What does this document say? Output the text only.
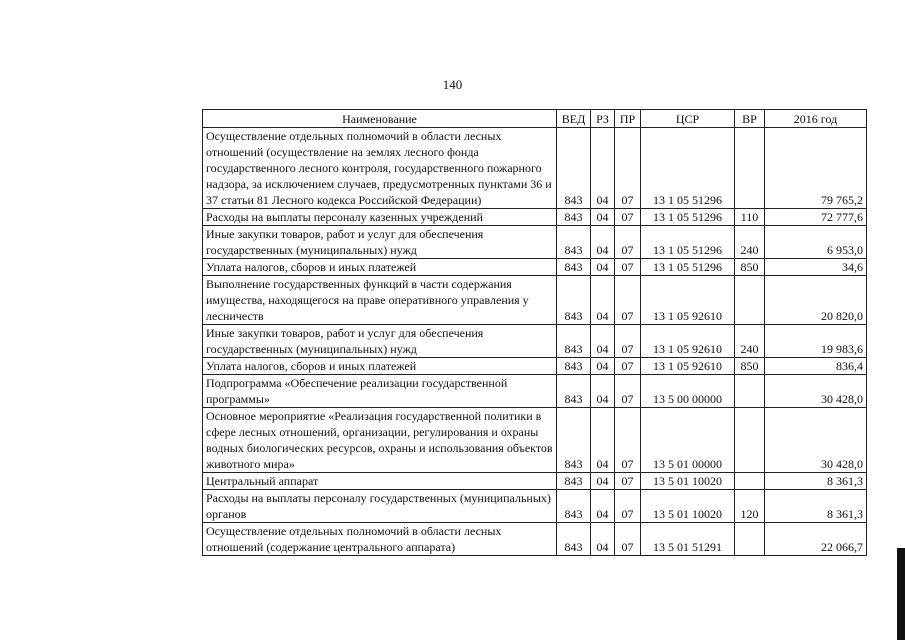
140
Наименование	ВЕД	РЗ	ПР	ЦСР	ВР	2016 год
Осуществление отдельных полномочий в области лесных отношений (осуществление на землях лесного фонда государственного лесного контроля, государственного пожарного надзора, за исключением случаев, предусмотренных пунктами 36 и 37 статьи 81 Лесного кодекса Российской Федерации)	843	04	07	13 1 05 51296		79 765,2
Расходы на выплаты персоналу казенных учреждений	843	04	07	13 1 05 51296	110	72 777,6
Иные закупки товаров, работ и услуг для обеспечения государственных (муниципальных) нужд	843	04	07	13 1 05 51296	240	6 953,0
Уплата налогов, сборов и иных платежей	843	04	07	13 1 05 51296	850	34,6
Выполнение государственных функций в части содержания имущества, находящегося на праве оперативного управления у лесничеств	843	04	07	13 1 05 92610		20 820,0
Иные закупки товаров, работ и услуг для обеспечения государственных (муниципальных) нужд	843	04	07	13 1 05 92610	240	19 983,6
Уплата налогов, сборов и иных платежей	843	04	07	13 1 05 92610	850	836,4
Подпрограмма «Обеспечение реализации государственной программы»	843	04	07	13 5 00 00000		30 428,0
Основное мероприятие «Реализация государственной политики в сфере лесных отношений, организации, регулирования и охраны водных биологических ресурсов, охраны и использования объектов животного мира»	843	04	07	13 5 01 00000		30 428,0
Центральный аппарат	843	04	07	13 5 01 10020		8 361,3
Расходы на выплаты персоналу государственных (муниципальных) органов	843	04	07	13 5 01 10020	120	8 361,3
Осуществление отдельных полномочий в области лесных отношений (содержание центрального аппарата)	843	04	07	13 5 01 51291		22 066,7
